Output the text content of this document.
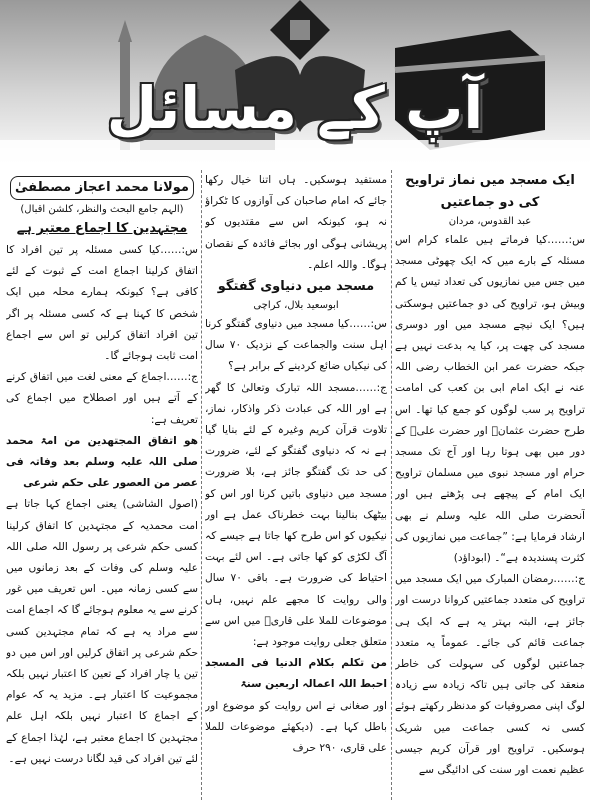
آپ کے مسائل

ایک مسجد میں نماز تراویح کی دو جماعتیں

عبد القدوس، مردان

س:……کیا فرماتے ہیں علماء کرام اس مسئلہ کے بارے میں کہ ایک چھوٹی مسجد میں جس میں نمازیوں کی تعداد تیس یا کم وبیش ہو، تراویح کی دو جماعتیں ہوسکتی ہیں؟ ایک نیچے مسجد میں اور دوسری مسجد کی چھت پر، کیا یہ بدعت نہیں ہے جبکہ حضرت عمر ابن الخطاب رضی اللہ عنہ نے ایک امام ابی بن کعب کی امامت تراویح پر سب لوگوں کو جمع کیا تھا۔ اس طرح حضرت عثمانؓ اور حضرت علیؓ کے دور میں بھی ہوتا رہا اور آج تک مسجد حرام اور مسجد نبوی میں مسلمان تراویح ایک امام کے پیچھے ہی پڑھتے ہیں اور آنحضرت صلی اللہ علیہ وسلم نے بھی ارشاد فرمایا ہے: ”جماعت میں نمازیوں کی کثرت پسندیدہ ہے“۔ (ابوداؤد)

ج:……رمضان المبارک میں ایک مسجد میں تراویح کی متعدد جماعتیں کروانا درست اور جائز ہے، البتہ بہتر یہ ہے کہ ایک ہی جماعت قائم کی جائے۔ عموماً یہ متعدد جماعتیں لوگوں کی سہولت کی خاطر منعقد کی جاتی ہیں تاکہ زیادہ سے زیادہ لوگ اپنی مصروفیات کو مدنظر رکھتے ہوئے کسی نہ کسی جماعت میں شریک ہوسکیں۔ تراویح اور قرآن کریم جیسی عظیم نعمت اور سنت کی ادائیگی سے

مستفید ہوسکیں۔ ہاں اتنا خیال رکھا جائے کہ امام صاحبان کی آوازوں کا ٹکراؤ نہ ہو، کیونکہ اس سے مقتدیوں کو پریشانی ہوگی اور بجائے فائدہ کے نقصان ہوگا۔ واللہ اعلم۔

مسجد میں دنیاوی گفتگو

ابوسعید بلال، کراچی

س:……کیا مسجد میں دنیاوی گفتگو کرنا اہل سنت والجماعت کے نزدیک ۷۰ سال کی نیکیاں ضائع کردینے کے برابر ہے؟

ج:……مسجد اللہ تبارک وتعالیٰ کا گھر ہے اور اللہ کی عبادت ذکر واذکار، نماز، تلاوت قرآن کریم وغیرہ کے لئے بنایا گیا ہے نہ کہ دنیاوی گفتگو کے لئے، ضرورت کی حد تک گفتگو جائز ہے، بلا ضرورت مسجد میں دنیاوی باتیں کرنا اور اس کو بیٹھک بنالینا بہت خطرناک عمل ہے اور نیکیوں کو اس طرح کھا جاتا ہے جیسے کہ آگ لکڑی کو کھا جاتی ہے۔ اس لئے بہت احتیاط کی ضرورت ہے۔ باقی ۷۰ سال والی روایت کا مجھے علم نہیں، ہاں موضوعات للملا علی قاریؒ میں اس سے متعلق جعلی روایت موجود ہے:

من تکلم بکلام الدنیا فی المسجد احبط اللہ اعمالہ اربعین سنۃ

اور صغانی نے اس روایت کو موضوع اور باطل کہا ہے۔ (دیکھئے موضوعات للملا علی قاری، ۲۹۰ حرف

مولانا محمد اعجاز مصطفیٰ

(الہم جامع البحث والنظر، کلشن اقبال)

مجتہدین کا اجماع معتبر ہے

س:……کیا کسی مسئلہ پر تین افراد کا اتفاق کرلینا اجماع امت کے ثبوت کے لئے کافی ہے؟ کیونکہ ہمارے محلہ میں ایک شخص کا کہنا ہے کہ کسی مسئلہ پر اگر تین افراد اتفاق کرلیں تو اس سے اجماع امت ثابت ہوجائے گا۔

ج:……اجماع کے معنی لغت میں اتفاق کرنے کے آتے ہیں اور اصطلاح میں اجماع کی تعریف ہے:

ھو اتفاق المجتھدین من امۃ محمد صلی اللہ علیہ وسلم بعد وفاتہ فی عصر من العصور علی حکم شرعی

(اصول الشاشی) یعنی اجماع کہا جاتا ہے امت محمدیہ کے مجتہدین کا اتفاق کرلینا کسی حکم شرعی پر رسول اللہ صلی اللہ علیہ وسلم کی وفات کے بعد زمانوں میں سے کسی زمانہ میں۔ اس تعریف میں غور کرنے سے یہ معلوم ہوجائے گا کہ اجماع امت سے مراد یہ ہے کہ تمام مجتہدین کسی حکم شرعی پر اتفاق کرلیں اور اس میں دو تین یا چار افراد کے تعین کا اعتبار نہیں بلکہ مجموعیت کا اعتبار ہے۔ مزید یہ کہ عوام کے اجماع کا اعتبار نہیں بلکہ اہل علم مجتہدین کا اجماع معتبر ہے، لہٰذا اجماع کے لئے تین افراد کی قید لگانا درست نہیں ہے۔
